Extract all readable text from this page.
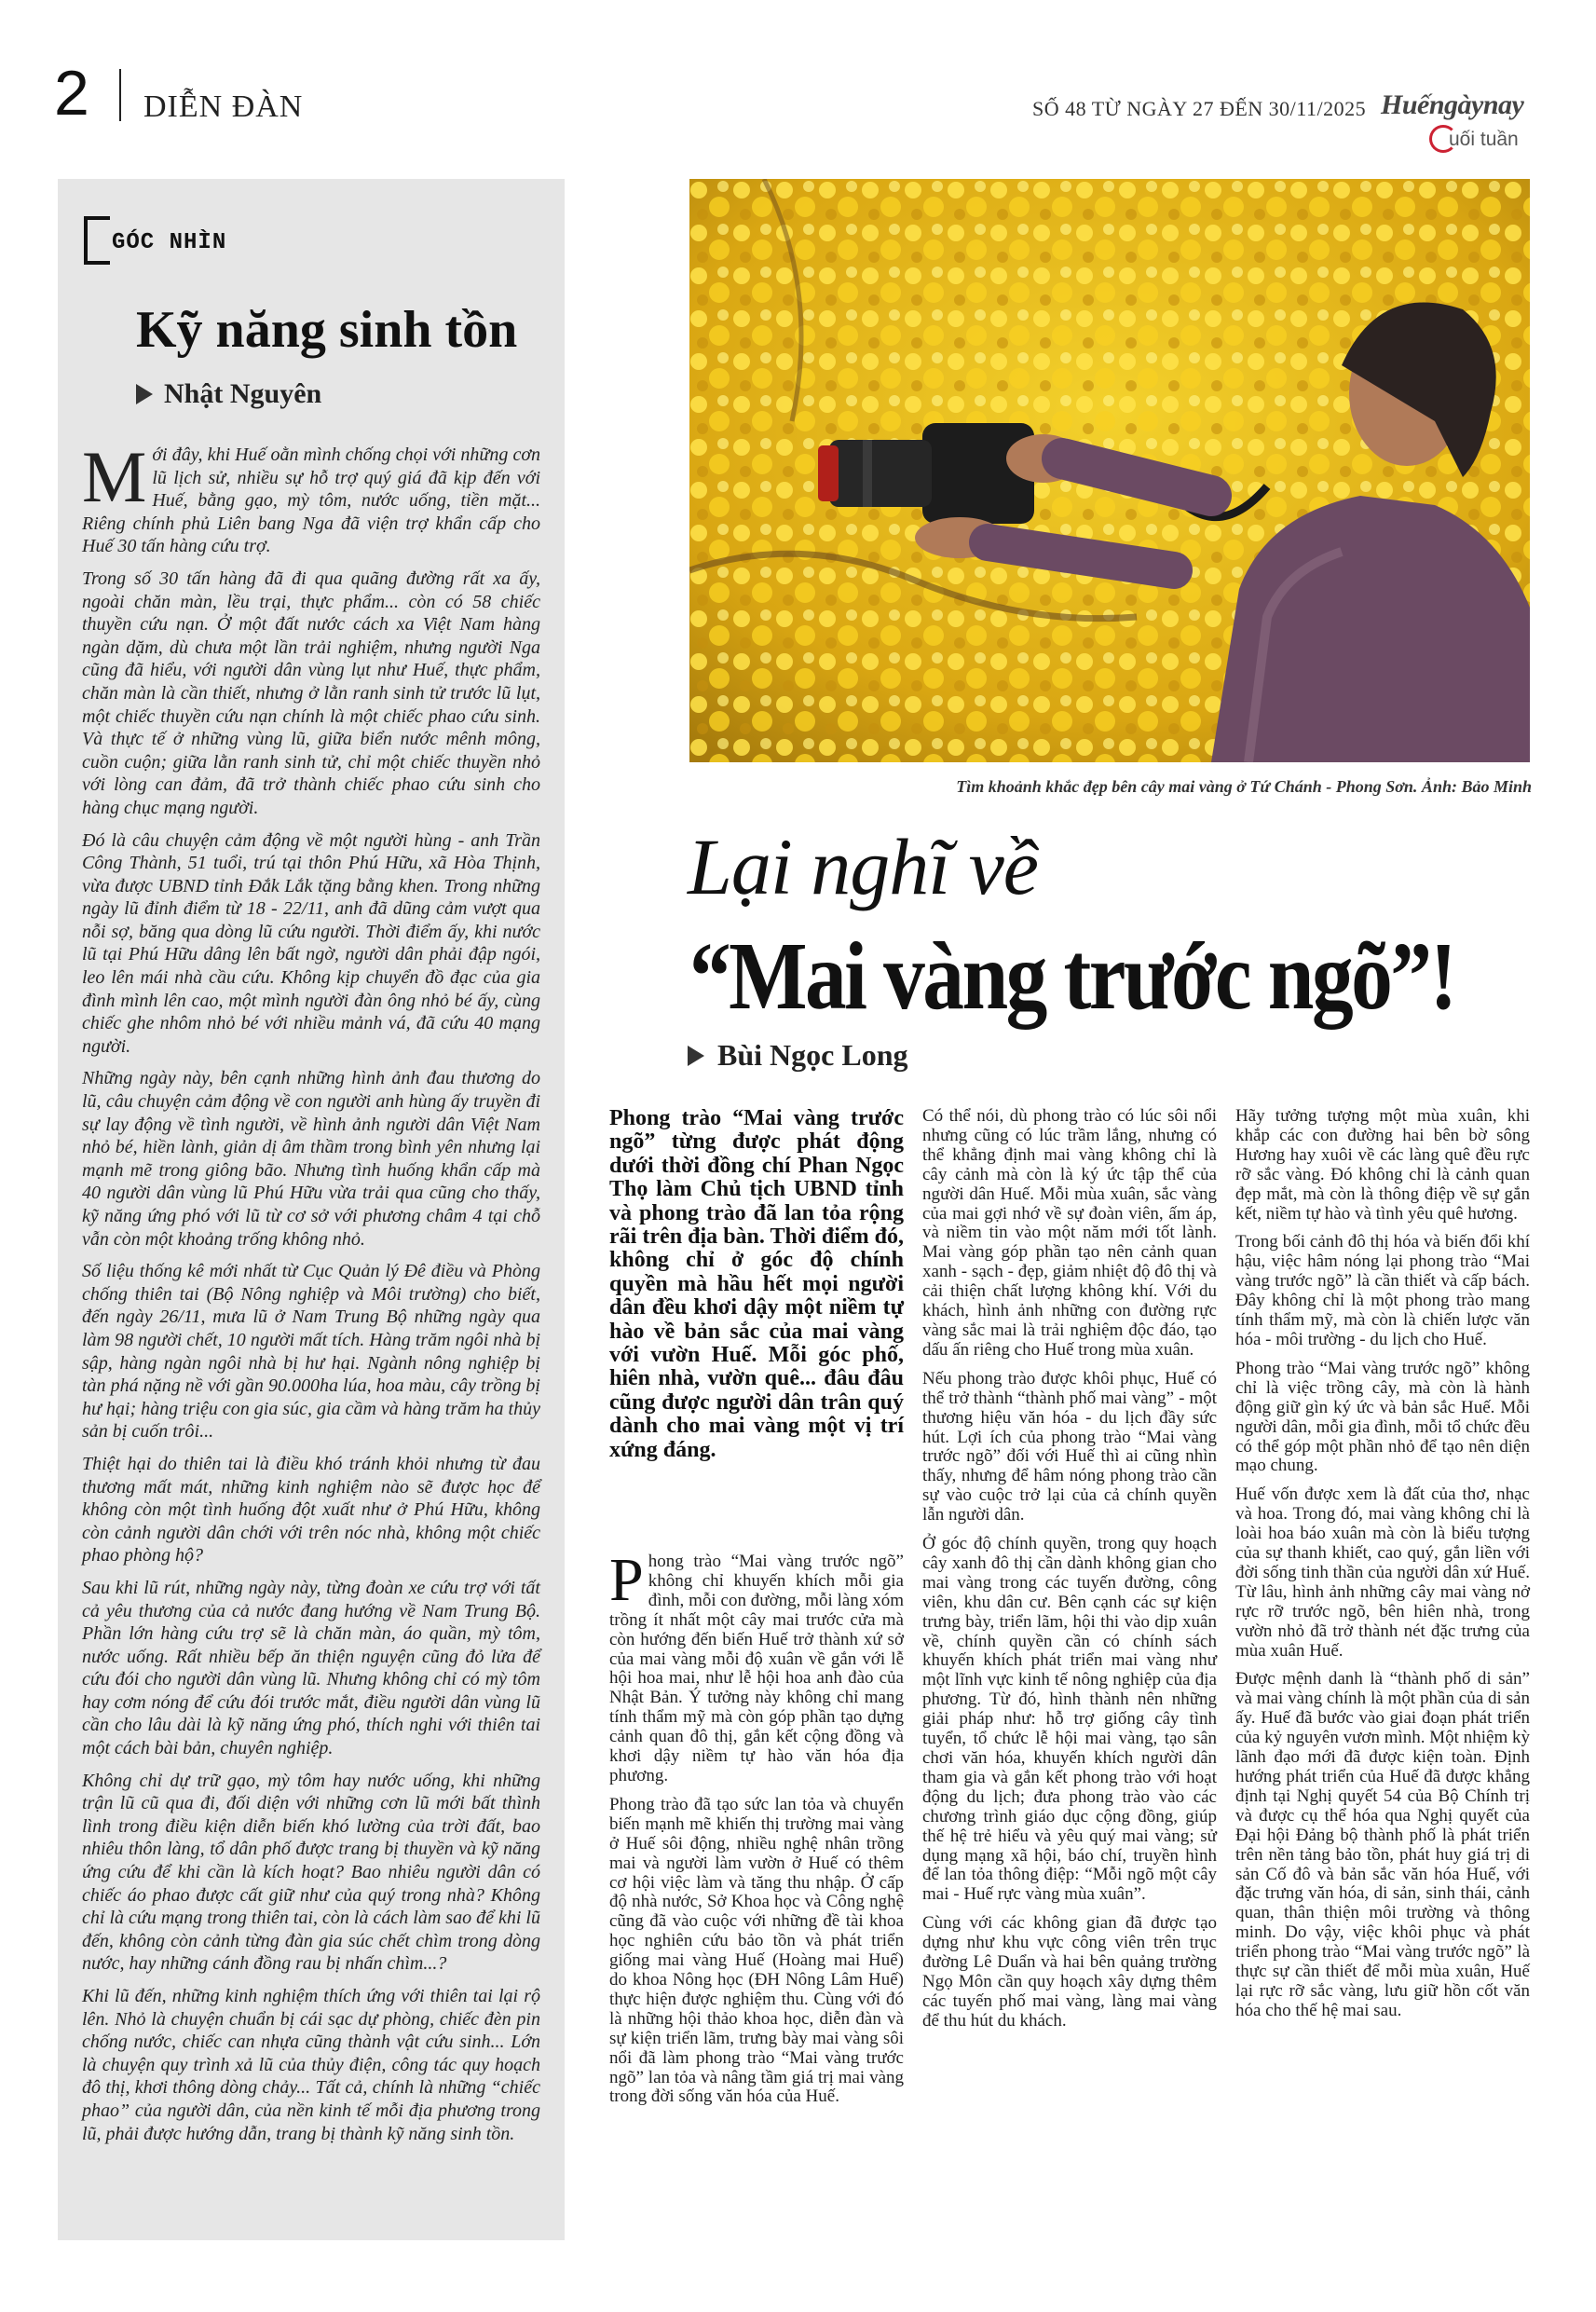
2 DIỄN ĐÀN	SỐ 48 TỪ NGÀY 27 ĐẾN 30/11/2025 Huếngàynay
uối tuần
GÓC NHÌN
Kỹ năng sinh tồn
Nhật Nguyên

Mới đây, khi Huế oằn mình chống chọi với những cơn lũ lịch sử, nhiều sự hỗ trợ quý giá đã kịp đến với Huế, bằng gạo, mỳ tôm, nước uống, tiền mặt... Riêng chính phủ Liên bang Nga đã viện trợ khẩn cấp cho Huế 30 tấn hàng cứu trợ.

Trong số 30 tấn hàng đã đi qua quãng đường rất xa ấy, ngoài chăn màn, lều trại, thực phẩm... còn có 58 chiếc thuyền cứu nạn. Ở một đất nước cách xa Việt Nam hàng ngàn dặm, dù chưa một lần trải nghiệm, nhưng người Nga cũng đã hiểu, với người dân vùng lụt như Huế, thực phẩm, chăn màn là cần thiết, nhưng ở lằn ranh sinh tử trước lũ lụt, một chiếc thuyền cứu nạn chính là một chiếc phao cứu sinh. Và thực tế ở những vùng lũ, giữa biển nước mênh mông, cuồn cuộn; giữa lằn ranh sinh tử, chỉ một chiếc thuyền nhỏ với lòng can đảm, đã trở thành chiếc phao cứu sinh cho hàng chục mạng người.

Đó là câu chuyện cảm động về một người hùng - anh Trần Công Thành, 51 tuổi, trú tại thôn Phú Hữu, xã Hòa Thịnh, vừa được UBND tỉnh Đắk Lắk tặng bằng khen. Trong những ngày lũ đỉnh điểm từ 18 - 22/11, anh đã dũng cảm vượt qua nỗi sợ, băng qua dòng lũ cứu người. Thời điểm ấy, khi nước lũ tại Phú Hữu dâng lên bất ngờ, người dân phải đập ngói, leo lên mái nhà cầu cứu. Không kịp chuyển đồ đạc của gia đình mình lên cao, một mình người đàn ông nhỏ bé ấy, cùng chiếc ghe nhôm nhỏ bé với nhiều mảnh vá, đã cứu 40 mạng người.

Những ngày này, bên cạnh những hình ảnh đau thương do lũ, câu chuyện cảm động về con người anh hùng ấy truyền đi sự lay động về tình người, về hình ảnh người dân Việt Nam nhỏ bé, hiền lành, giản dị âm thầm trong bình yên nhưng lại mạnh mẽ trong giông bão. Nhưng tình huống khẩn cấp mà 40 người dân vùng lũ Phú Hữu vừa trải qua cũng cho thấy, kỹ năng ứng phó với lũ từ cơ sở với phương châm 4 tại chỗ vẫn còn một khoảng trống không nhỏ.

Số liệu thống kê mới nhất từ Cục Quản lý Đê điều và Phòng chống thiên tai (Bộ Nông nghiệp và Môi trường) cho biết, đến ngày 26/11, mưa lũ ở Nam Trung Bộ những ngày qua làm 98 người chết, 10 người mất tích. Hàng trăm ngôi nhà bị sập, hàng ngàn ngôi nhà bị hư hại. Ngành nông nghiệp bị tàn phá nặng nề với gần 90.000ha lúa, hoa màu, cây trồng bị hư hại; hàng triệu con gia súc, gia cầm và hàng trăm ha thủy sản bị cuốn trôi...

Thiệt hại do thiên tai là điều khó tránh khỏi nhưng từ đau thương mất mát, những kinh nghiệm nào sẽ được học để không còn một tình huống đột xuất như ở Phú Hữu, không còn cảnh người dân chới với trên nóc nhà, không một chiếc phao phòng hộ?

Sau khi lũ rút, những ngày này, từng đoàn xe cứu trợ với tất cả yêu thương của cả nước đang hướng về Nam Trung Bộ. Phần lớn hàng cứu trợ sẽ là chăn màn, áo quần, mỳ tôm, nước uống. Rất nhiều bếp ăn thiện nguyện cũng đỏ lửa để cứu đói cho người dân vùng lũ. Nhưng không chỉ có mỳ tôm hay cơm nóng để cứu đói trước mắt, điều người dân vùng lũ cần cho lâu dài là kỹ năng ứng phó, thích nghi với thiên tai một cách bài bản, chuyên nghiệp.

Không chỉ dự trữ gạo, mỳ tôm hay nước uống, khi những trận lũ cũ qua đi, đối diện với những cơn lũ mới bất thình lình trong điều kiện diễn biến khó lường của trời đất, bao nhiêu thôn làng, tổ dân phố được trang bị thuyền và kỹ năng ứng cứu để khi cần là kích hoạt? Bao nhiêu người dân có chiếc áo phao được cất giữ như của quý trong nhà? Không chỉ là cứu mạng trong thiên tai, còn là cách làm sao để khi lũ đến, không còn cảnh từng đàn gia súc chết chìm trong dòng nước, hay những cánh đồng rau bị nhấn chìm...?

Khi lũ đến, những kinh nghiệm thích ứng với thiên tai lại rộ lên. Nhỏ là chuyện chuẩn bị cái sạc dự phòng, chiếc đèn pin chống nước, chiếc can nhựa cũng thành vật cứu sinh... Lớn là chuyện quy trình xả lũ của thủy điện, công tác quy hoạch đô thị, khơi thông dòng chảy... Tất cả, chính là những “chiếc phao” của người dân, của nền kinh tế mỗi địa phương trong lũ, phải được hướng dẫn, trang bị thành kỹ năng sinh tồn.

Tìm khoảnh khắc đẹp bên cây mai vàng ở Tứ Chánh - Phong Sơn. Ảnh: Bảo Minh
Lại nghĩ về
“Mai vàng trước ngõ”!
Bùi Ngọc Long
Phong trào “Mai vàng trước ngõ” từng được phát động dưới thời đồng chí Phan Ngọc Thọ làm Chủ tịch UBND tỉnh và phong trào đã lan tỏa rộng rãi trên địa bàn. Thời điểm đó, không chỉ ở góc độ chính quyền mà hầu hết mọi người dân đều khơi dậy một niềm tự hào về bản sắc của mai vàng với vườn Huế. Mỗi góc phố, hiên nhà, vườn quê... đâu đâu cũng được người dân trân quý dành cho mai vàng một vị trí xứng đáng.

Phong trào “Mai vàng trước ngõ” không chỉ khuyến khích mỗi gia đình, mỗi con đường, mỗi làng xóm trồng ít nhất một cây mai trước cửa mà còn hướng đến biến Huế trở thành xứ sở của mai vàng mỗi độ xuân về gắn với lễ hội hoa mai, như lễ hội hoa anh đào của Nhật Bản. Ý tưởng này không chỉ mang tính thẩm mỹ mà còn góp phần tạo dựng cảnh quan đô thị, gắn kết cộng đồng và khơi dậy niềm tự hào văn hóa địa phương.

Phong trào đã tạo sức lan tỏa và chuyển biến mạnh mẽ khiến thị trường mai vàng ở Huế sôi động, nhiều nghệ nhân trồng mai và người làm vườn ở Huế có thêm cơ hội việc làm và tăng thu nhập. Ở cấp độ nhà nước, Sở Khoa học và Công nghệ cũng đã vào cuộc với những đề tài khoa học nghiên cứu bảo tồn và phát triển giống mai vàng Huế (Hoàng mai Huế) do khoa Nông học (ĐH Nông Lâm Huế) thực hiện được nghiệm thu. Cùng với đó là những hội thảo khoa học, diễn đàn và sự kiện triển lãm, trưng bày mai vàng sôi nổi đã làm phong trào “Mai vàng trước ngõ” lan tỏa và nâng tầm giá trị mai vàng trong đời sống văn hóa của Huế.

Có thể nói, dù phong trào có lúc sôi nổi nhưng cũng có lúc trầm lắng, nhưng có thể khẳng định mai vàng không chỉ là cây cảnh mà còn là ký ức tập thể của người dân Huế. Mỗi mùa xuân, sắc vàng của mai gợi nhớ về sự đoàn viên, ấm áp, và niềm tin vào một năm mới tốt lành. Mai vàng góp phần tạo nên cảnh quan xanh - sạch - đẹp, giảm nhiệt độ đô thị và cải thiện chất lượng không khí. Với du khách, hình ảnh những con đường rực vàng sắc mai là trải nghiệm độc đáo, tạo dấu ấn riêng cho Huế trong mùa xuân.

Nếu phong trào được khôi phục, Huế có thể trở thành “thành phố mai vàng” - một thương hiệu văn hóa - du lịch đầy sức hút. Lợi ích của phong trào “Mai vàng trước ngõ” đối với Huế thì ai cũng nhìn thấy, nhưng để hâm nóng phong trào cần sự vào cuộc trở lại của cả chính quyền lẫn người dân.

Ở góc độ chính quyền, trong quy hoạch cây xanh đô thị cần dành không gian cho mai vàng trong các tuyến đường, công viên, khu dân cư. Bên cạnh các sự kiện trưng bày, triển lãm, hội thi vào dịp xuân về, chính quyền cần có chính sách khuyến khích phát triển mai vàng như một lĩnh vực kinh tế nông nghiệp của địa phương. Từ đó, hình thành nên những giải pháp như: hỗ trợ giống cây tình tuyển, tổ chức lễ hội mai vàng, tạo sân chơi văn hóa, khuyến khích người dân tham gia và gắn kết phong trào với hoạt động du lịch; đưa phong trào vào các chương trình giáo dục cộng đồng, giúp thế hệ trẻ hiểu và yêu quý mai vàng; sử dụng mạng xã hội, báo chí, truyền hình để lan tỏa thông điệp: “Mỗi ngõ một cây mai - Huế rực vàng mùa xuân”.

Cùng với các không gian đã được tạo dựng như khu vực công viên trên trục đường Lê Duẩn và hai bên quảng trường Ngọ Môn cần quy hoạch xây dựng thêm các tuyến phố mai vàng, làng mai vàng để thu hút du khách.

Hãy tưởng tượng một mùa xuân, khi khắp các con đường hai bên bờ sông Hương hay xuôi về các làng quê đều rực rỡ sắc vàng. Đó không chỉ là cảnh quan đẹp mắt, mà còn là thông điệp về sự gắn kết, niềm tự hào và tình yêu quê hương.

Trong bối cảnh đô thị hóa và biến đổi khí hậu, việc hâm nóng lại phong trào “Mai vàng trước ngõ” là cần thiết và cấp bách. Đây không chỉ là một phong trào mang tính thẩm mỹ, mà còn là chiến lược văn hóa - môi trường - du lịch cho Huế.

Phong trào “Mai vàng trước ngõ” không chỉ là việc trồng cây, mà còn là hành động giữ gìn ký ức và bản sắc Huế. Mỗi người dân, mỗi gia đình, mỗi tổ chức đều có thể góp một phần nhỏ để tạo nên diện mạo chung.

Huế vốn được xem là đất của thơ, nhạc và hoa. Trong đó, mai vàng không chỉ là loài hoa báo xuân mà còn là biểu tượng của sự thanh khiết, cao quý, gắn liền với đời sống tinh thần của người dân xứ Huế. Từ lâu, hình ảnh những cây mai vàng nở rực rỡ trước ngõ, bên hiên nhà, trong vườn nhỏ đã trở thành nét đặc trưng của mùa xuân Huế.

Được mệnh danh là “thành phố di sản” và mai vàng chính là một phần của di sản ấy. Huế đã bước vào giai đoạn phát triển của kỷ nguyên vươn mình. Một nhiệm kỳ lãnh đạo mới đã được kiện toàn. Định hướng phát triển của Huế đã được khẳng định tại Nghị quyết 54 của Bộ Chính trị và được cụ thể hóa qua Nghị quyết của Đại hội Đảng bộ thành phố là phát triển trên nền tảng bảo tồn, phát huy giá trị di sản Cố đô và bản sắc văn hóa Huế, với đặc trưng văn hóa, di sản, sinh thái, cảnh quan, thân thiện môi trường và thông minh. Do vậy, việc khôi phục và phát triển phong trào “Mai vàng trước ngõ” là thực sự cần thiết để mỗi mùa xuân, Huế lại rực rỡ sắc vàng, lưu giữ hồn cốt văn hóa cho thế hệ mai sau.
